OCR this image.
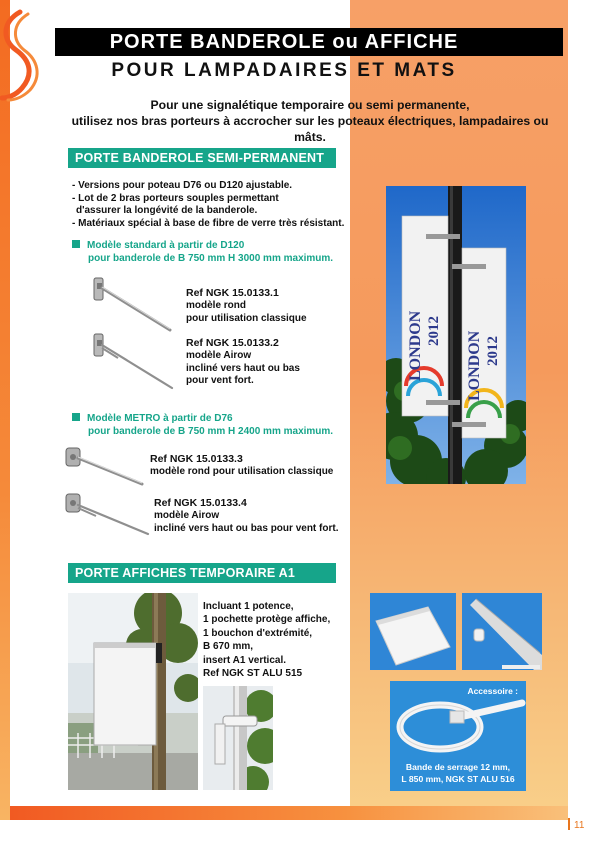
PORTE BANDEROLE ou AFFICHE
POUR LAMPADAIRES ET MATS
Pour une signalétique temporaire ou semi permanente,
utilisez nos bras porteurs à accrocher sur les poteaux électriques, lampadaires ou mâts.
PORTE BANDEROLE SEMI-PERMANENT
- Versions pour poteau D76 ou D120 ajustable.
- Lot de 2 bras porteurs souples permettant
d'assurer la longévité de la banderole.
- Matériaux spécial à base de fibre de verre très résistant.
Modèle standard à partir de D120
pour banderole de B 750 mm H 3000 mm maximum.
Ref NGK 15.0133.1
modèle rond
pour utilisation classique
Ref NGK 15.0133.2
modèle Airow
incliné vers haut ou bas
pour vent fort.
Modèle METRO à partir de D76
pour banderole de B 750 mm H 2400 mm maximum.
Ref NGK 15.0133.3
modèle rond pour utilisation classique
Ref NGK 15.0133.4
modèle Airow
incliné vers haut ou bas pour vent fort.
LONDON 2012 LONDON 2012
PORTE AFFICHES TEMPORAIRE A1
Incluant 1 potence,
1 pochette protège affiche,
1 bouchon d'extrémité,
B 670 mm,
insert A1 vertical.
Ref NGK ST ALU 515
Accessoire :
Bande de serrage 12 mm,
L 850 mm, NGK ST ALU 516
11
